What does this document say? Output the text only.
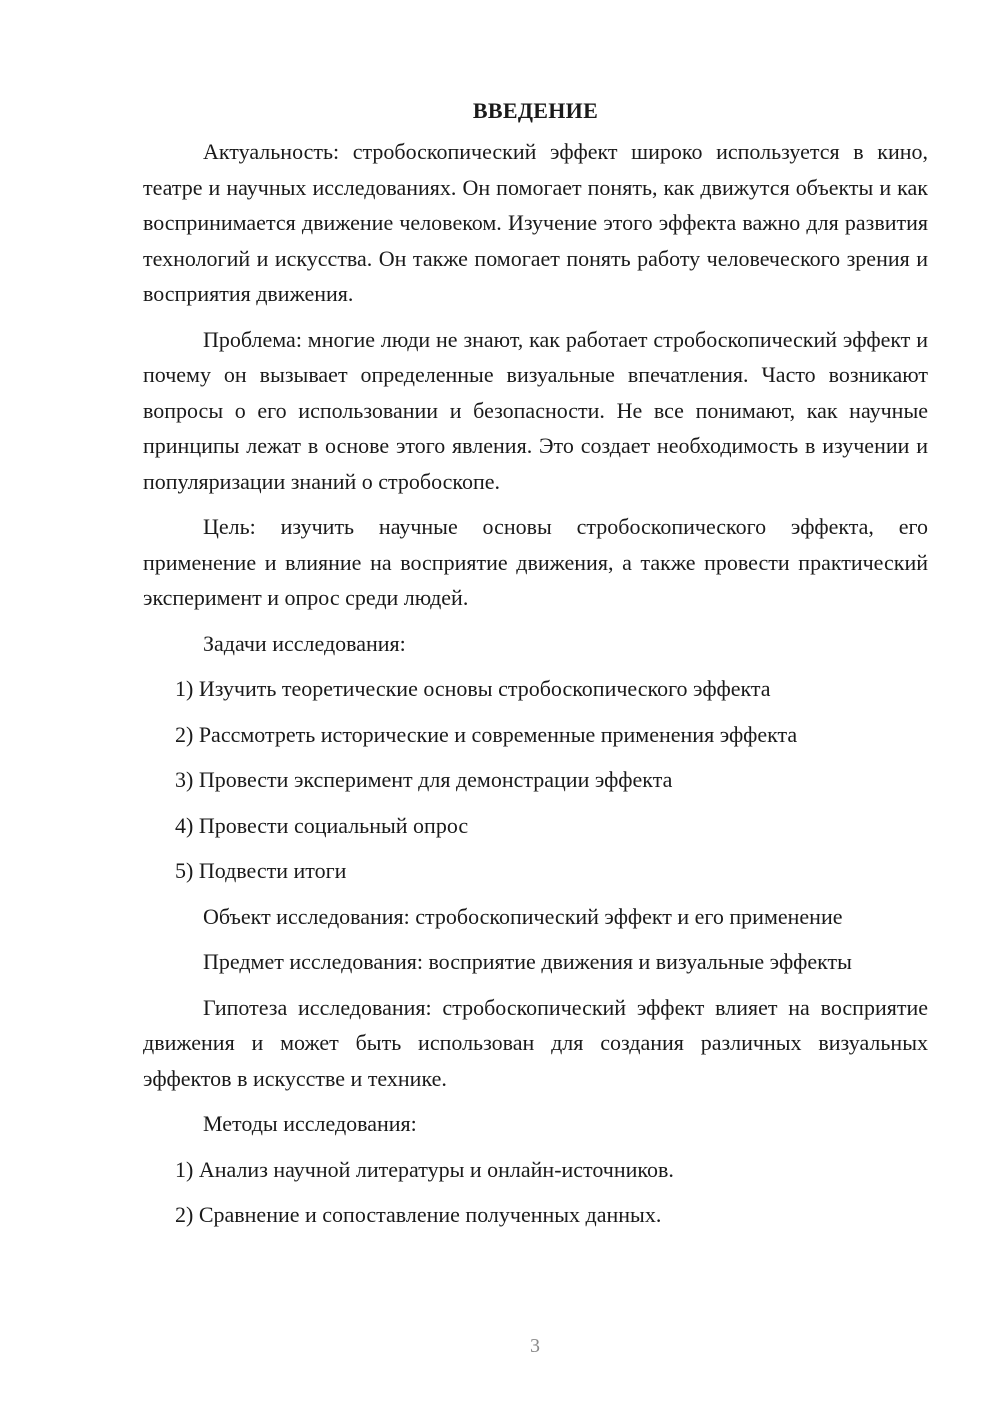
ВВЕДЕНИЕ

Актуальность: стробоскопический эффект широко используется в кино, театре и научных исследованиях. Он помогает понять, как движутся объекты и как воспринимается движение человеком. Изучение этого эффекта важно для развития технологий и искусства. Он также помогает понять работу человеческого зрения и восприятия движения.

Проблема: многие люди не знают, как работает стробоскопический эффект и почему он вызывает определенные визуальные впечатления. Часто возникают вопросы о его использовании и безопасности. Не все понимают, как научные принципы лежат в основе этого явления. Это создает необходимость в изучении и популяризации знаний о стробоскопе.

Цель: изучить научные основы стробоскопического эффекта, его применение и влияние на восприятие движения, а также провести практический эксперимент и опрос среди людей.

Задачи исследования:

1) Изучить теоретические основы стробоскопического эффекта
2) Рассмотреть исторические и современные применения эффекта
3) Провести эксперимент для демонстрации эффекта
4) Провести социальный опрос
5) Подвести итоги

Объект исследования: стробоскопический эффект и его применение

Предмет исследования: восприятие движения и визуальные эффекты

Гипотеза исследования: стробоскопический эффект влияет на восприятие движения и может быть использован для создания различных визуальных эффектов в искусстве и технике.

Методы исследования:

1) Анализ научной литературы и онлайн-источников.
2) Сравнение и сопоставление полученных данных.
3
